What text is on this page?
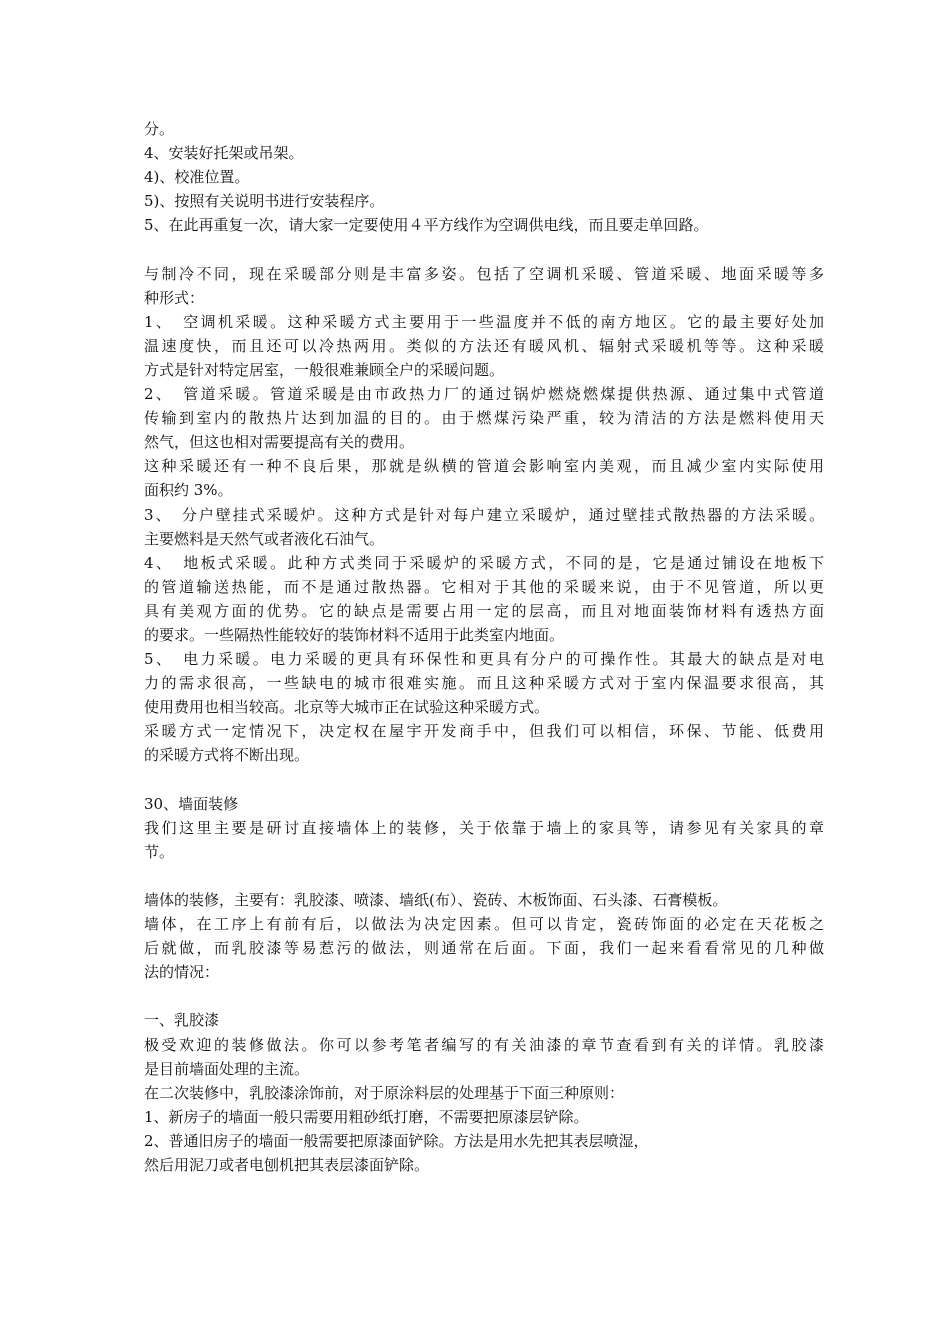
分。
4、安装好托架或吊架。
4)、校准位置。
5)、按照有关说明书进行安装程序。
5、在此再重复一次，请大家一定要使用４平方线作为空调供电线，而且要走单回路。
与制冷不同，现在采暖部分则是丰富多姿。包括了空调机采暖、管道采暖、地面采暖等多
种形式：
1、　空调机采暖。这种采暖方式主要用于一些温度并不低的南方地区。它的最主要好处加
温速度快，而且还可以冷热两用。类似的方法还有暖风机、辐射式采暖机等等。这种采暖
方式是针对特定居室，一般很难兼顾全户的采暖问题。
2、　管道采暖。管道采暖是由市政热力厂的通过锅炉燃烧燃煤提供热源、通过集中式管道
传输到室内的散热片达到加温的目的。由于燃煤污染严重，较为清洁的方法是燃料使用天
然气，但这也相对需要提高有关的费用。
这种采暖还有一种不良后果，那就是纵横的管道会影响室内美观，而且减少室内实际使用
面积约 3%。
3、　分户壁挂式采暖炉。这种方式是针对每户建立采暖炉，通过壁挂式散热器的方法采暖。
主要燃料是天然气或者液化石油气。
4、　地板式采暖。此种方式类同于采暖炉的采暖方式，不同的是，它是通过铺设在地板下
的管道输送热能，而不是通过散热器。它相对于其他的采暖来说，由于不见管道，所以更
具有美观方面的优势。它的缺点是需要占用一定的层高，而且对地面装饰材料有透热方面
的要求。一些隔热性能较好的装饰材料不适用于此类室内地面。
5、　电力采暖。电力采暖的更具有环保性和更具有分户的可操作性。其最大的缺点是对电
力的需求很高，一些缺电的城市很难实施。而且这种采暖方式对于室内保温要求很高，其
使用费用也相当较高。北京等大城市正在试验这种采暖方式。
采暖方式一定情况下，决定权在屋宇开发商手中，但我们可以相信，环保、节能、低费用
的采暖方式将不断出现。
30、墙面装修
我们这里主要是研讨直接墙体上的装修，关于依靠于墙上的家具等，请参见有关家具的章
节。
墙体的装修，主要有：乳胶漆、喷漆、墙纸(布）、瓷砖、木板饰面、石头漆、石膏模板。
墙体，在工序上有前有后，以做法为决定因素。但可以肯定，瓷砖饰面的必定在天花板之
后就做，而乳胶漆等易惹污的做法，则通常在后面。下面，我们一起来看看常见的几种做
法的情况：
一、乳胶漆
极受欢迎的装修做法。你可以参考笔者编写的有关油漆的章节查看到有关的详情。乳胶漆
是目前墙面处理的主流。
在二次装修中，乳胶漆涂饰前，对于原涂料层的处理基于下面三种原则：
1、新房子的墙面一般只需要用粗砂纸打磨，不需要把原漆层铲除。
2、普通旧房子的墙面一般需要把原漆面铲除。方法是用水先把其表层喷湿，
然后用泥刀或者电刨机把其表层漆面铲除。
